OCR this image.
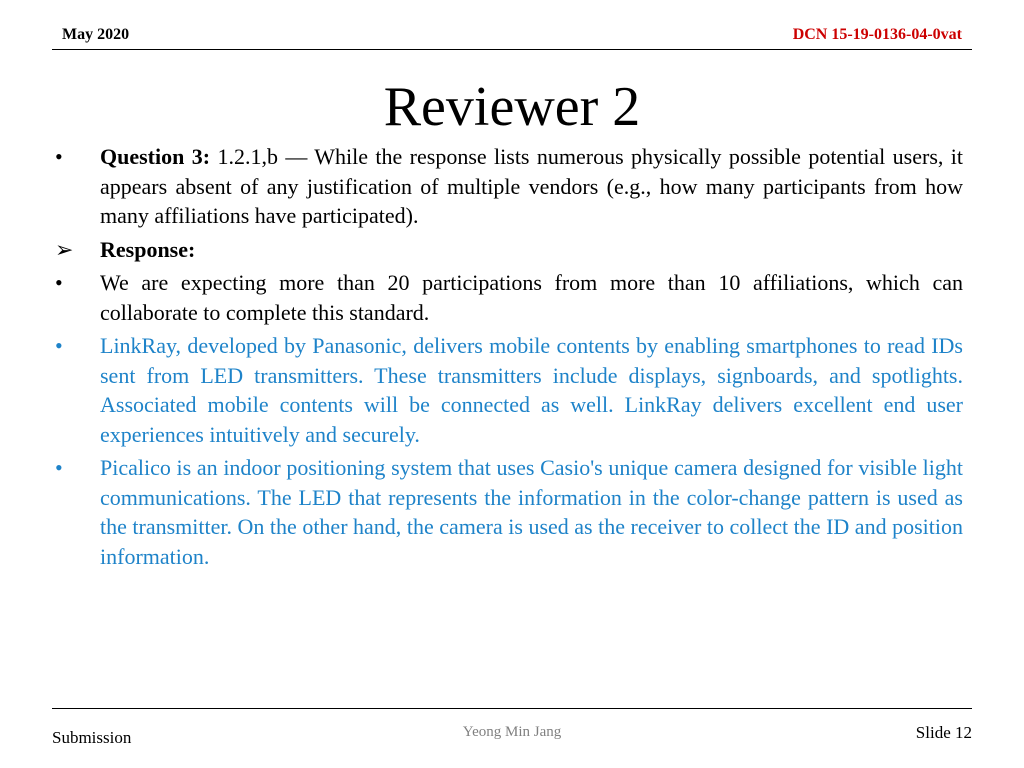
May 2020	DCN 15-19-0136-04-0vat
Reviewer 2
•	Question 3: 1.2.1,b — While the response lists numerous physically possible potential users, it appears absent of any justification of multiple vendors (e.g., how many participants from how many affiliations have participated).
➢ Response:
•	We are expecting more than 20 participations from more than 10 affiliations, which can collaborate to complete this standard.
•	LinkRay, developed by Panasonic, delivers mobile contents by enabling smartphones to read IDs sent from LED transmitters. These transmitters include displays, signboards, and spotlights. Associated mobile contents will be connected as well. LinkRay delivers excellent end user experiences intuitively and securely.
•	Picalico is an indoor positioning system that uses Casio's unique camera designed for visible light communications. The LED that represents the information in the color-change pattern is used as the transmitter. On the other hand, the camera is used as the receiver to collect the ID and position information.
Submission	Yeong Min Jang	Slide 12
